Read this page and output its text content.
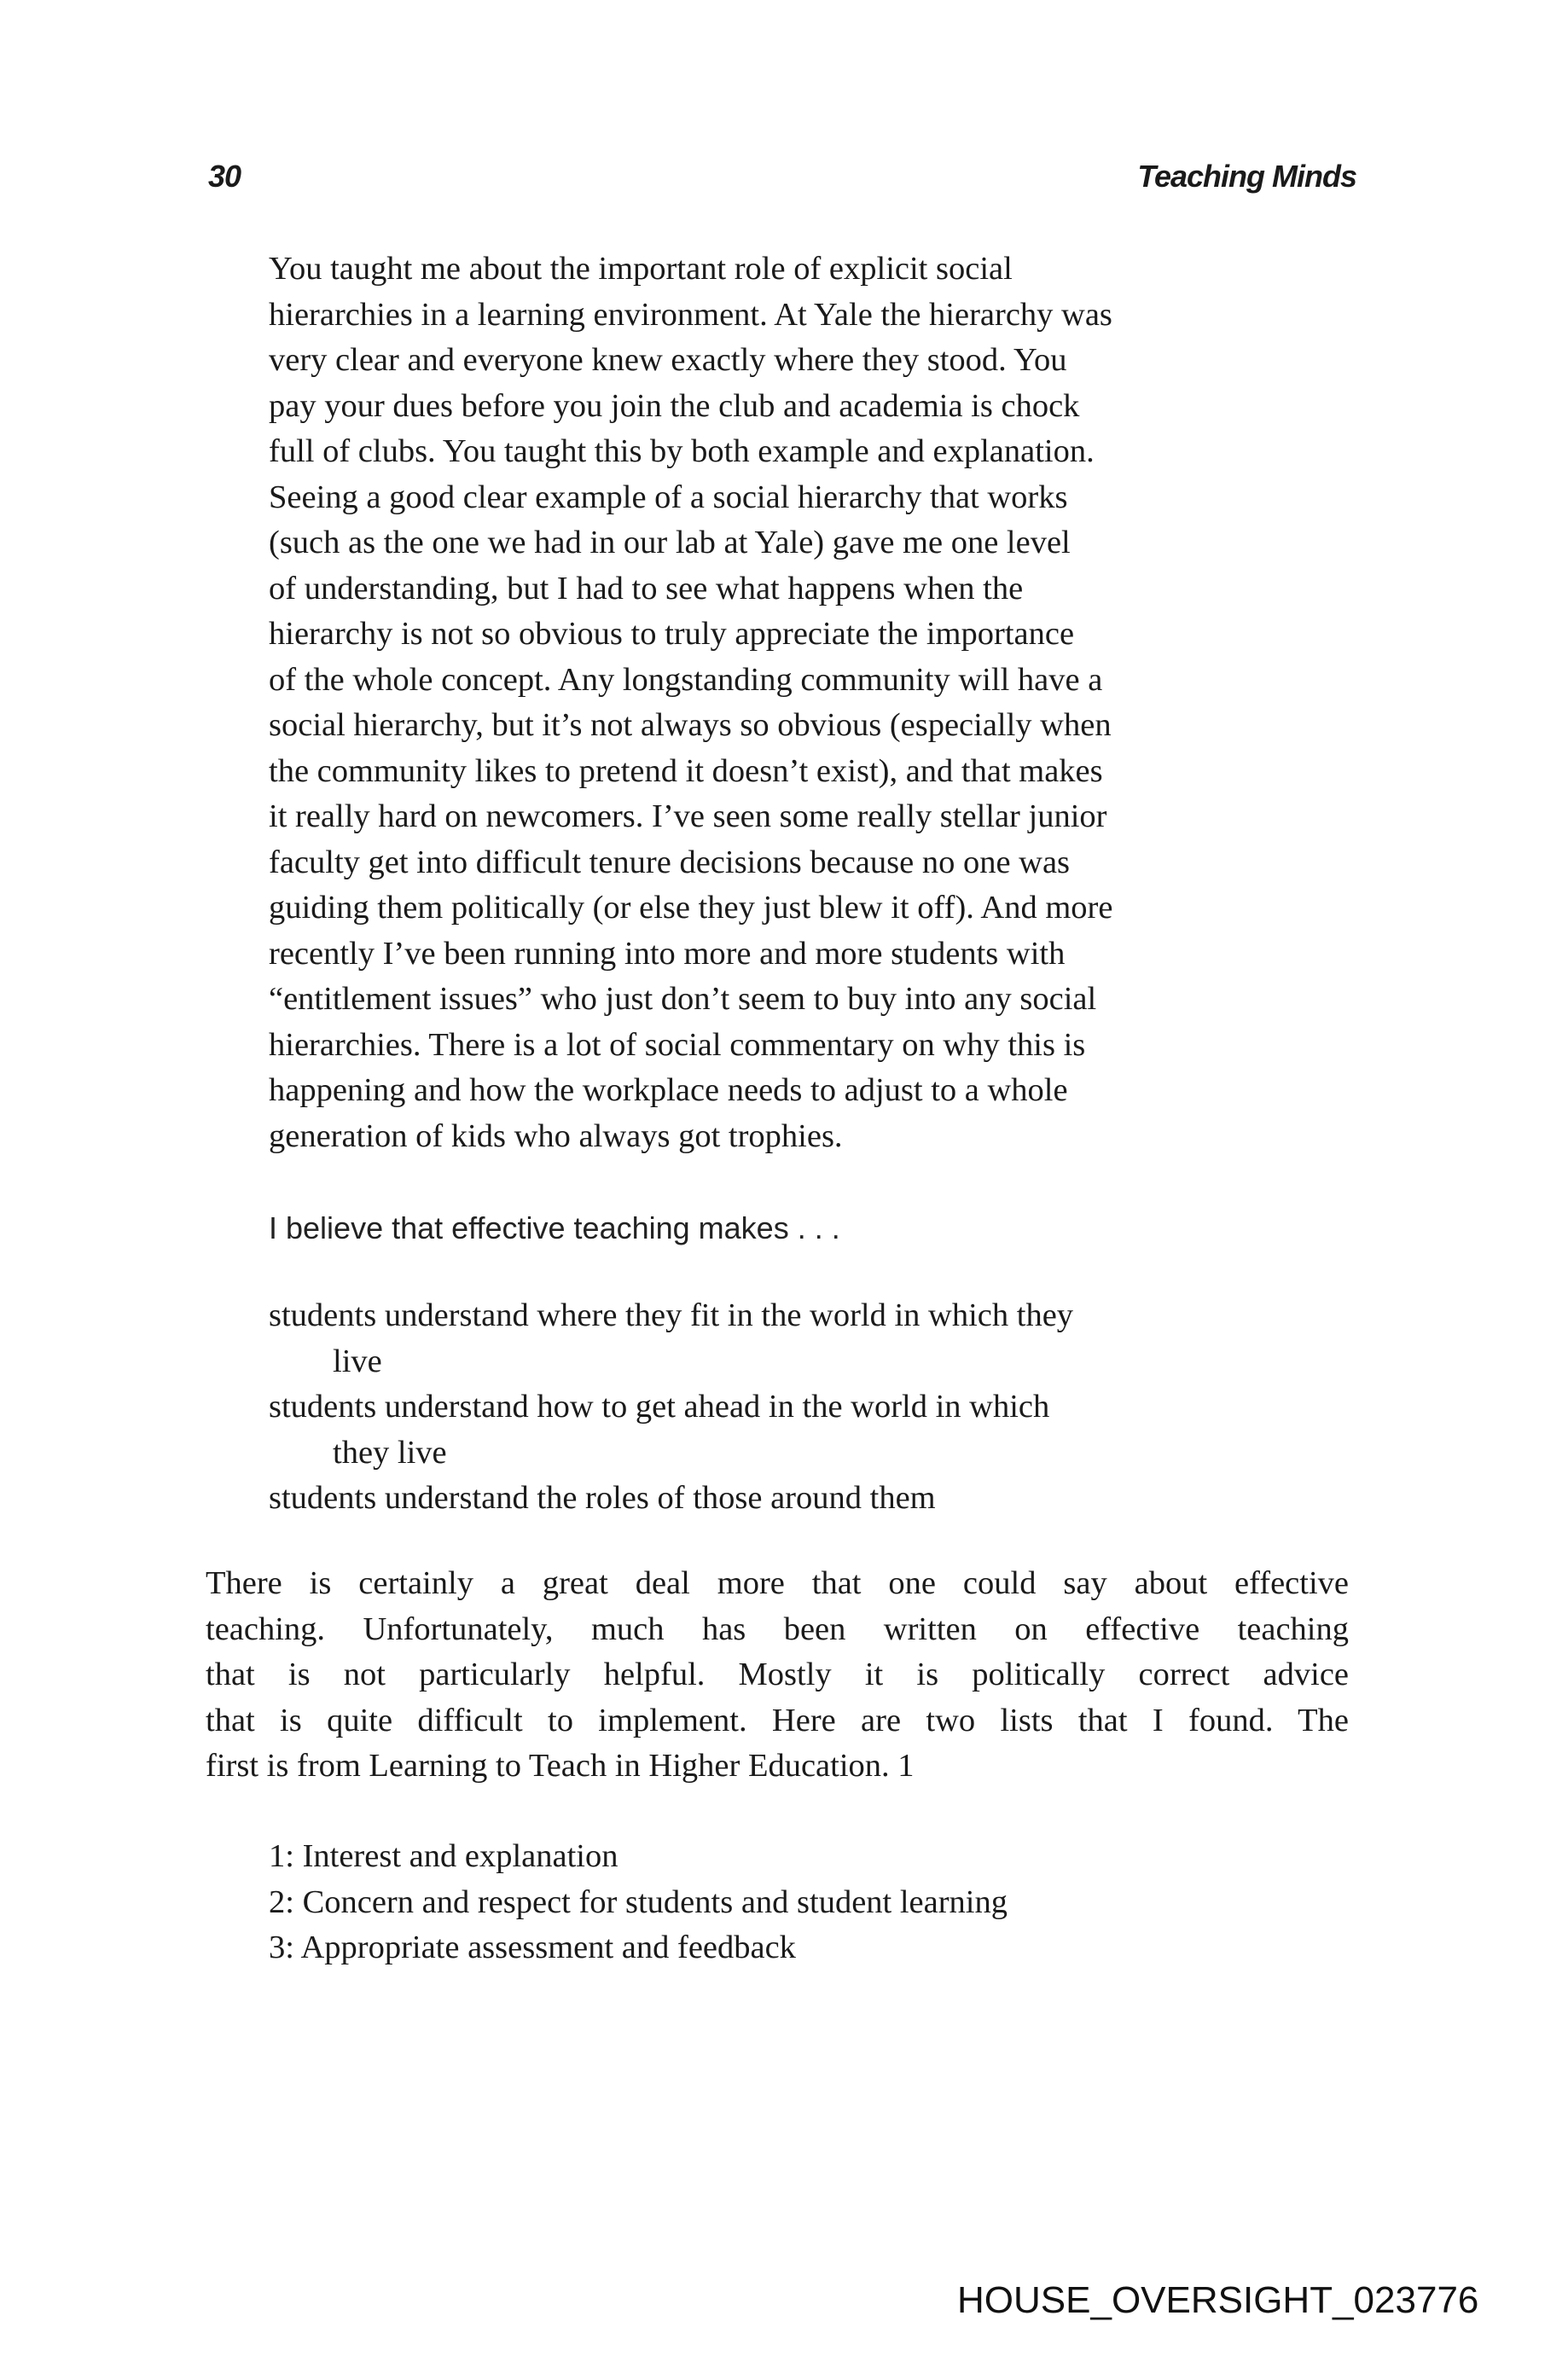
30	Teaching Minds
You taught me about the important role of explicit social
hierarchies in a learning environment. At Yale the hierarchy was
very clear and everyone knew exactly where they stood. You
pay your dues before you join the club and academia is chock
full of clubs. You taught this by both example and explanation.
Seeing a good clear example of a social hierarchy that works
(such as the one we had in our lab at Yale) gave me one level
of understanding, but I had to see what happens when the
hierarchy is not so obvious to truly appreciate the importance
of the whole concept. Any longstanding community will have a
social hierarchy, but it’s not always so obvious (especially when
the community likes to pretend it doesn’t exist), and that makes
it really hard on newcomers. I’ve seen some really stellar junior
faculty get into difficult tenure decisions because no one was
guiding them politically (or else they just blew it off). And more
recently I’ve been running into more and more students with
“entitlement issues” who just don’t seem to buy into any social
hierarchies. There is a lot of social commentary on why this is
happening and how the workplace needs to adjust to a whole
generation of kids who always got trophies.
I believe that effective teaching makes . . .
students understand where they fit in the world in which they
live
students understand how to get ahead in the world in which
they live
students understand the roles of those around them
There is certainly a great deal more that one could say about effective
teaching. Unfortunately, much has been written on effective teaching
that is not particularly helpful. Mostly it is politically correct advice
that is quite difficult to implement. Here are two lists that I found. The
first is from Learning to Teach in Higher Education. 1
1: Interest and explanation
2: Concern and respect for students and student learning
3: Appropriate assessment and feedback
HOUSE_OVERSIGHT_023776
